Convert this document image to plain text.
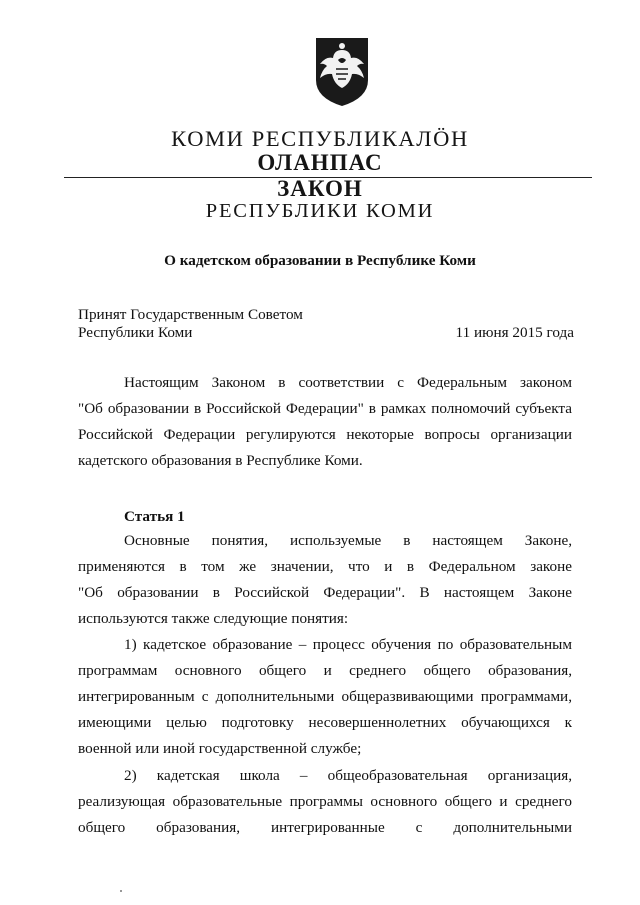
КОМИ РЕСПУБЛИКАЛӦН
ОЛАНПАС
ЗАКОН
РЕСПУБЛИКИ КОМИ
О кадетском образовании в Республике Коми
Принят Государственным Советом
Республики Коми	11 июня 2015 года
Настоящим Законом в соответствии с Федеральным законом
"Об образовании в Российской Федерации" в рамках полномочий субъекта
Российской Федерации регулируются некоторые вопросы организации
кадетского образования в Республике Коми.
Статья 1
Основные понятия, используемые в настоящем Законе,
применяются в том же значении, что и в Федеральном законе
"Об образовании в Российской Федерации". В настоящем Законе
используются также следующие понятия:
1) кадетское образование – процесс обучения по образовательным
программам основного общего и среднего общего образования,
интегрированным с дополнительными общеразвивающими программами,
имеющими целью подготовку несовершеннолетних обучающихся к
военной или иной государственной службе;
2) кадетская школа – общеобразовательная организация,
реализующая образовательные программы основного общего и среднего
общего образования, интегрированные с дополнительными
